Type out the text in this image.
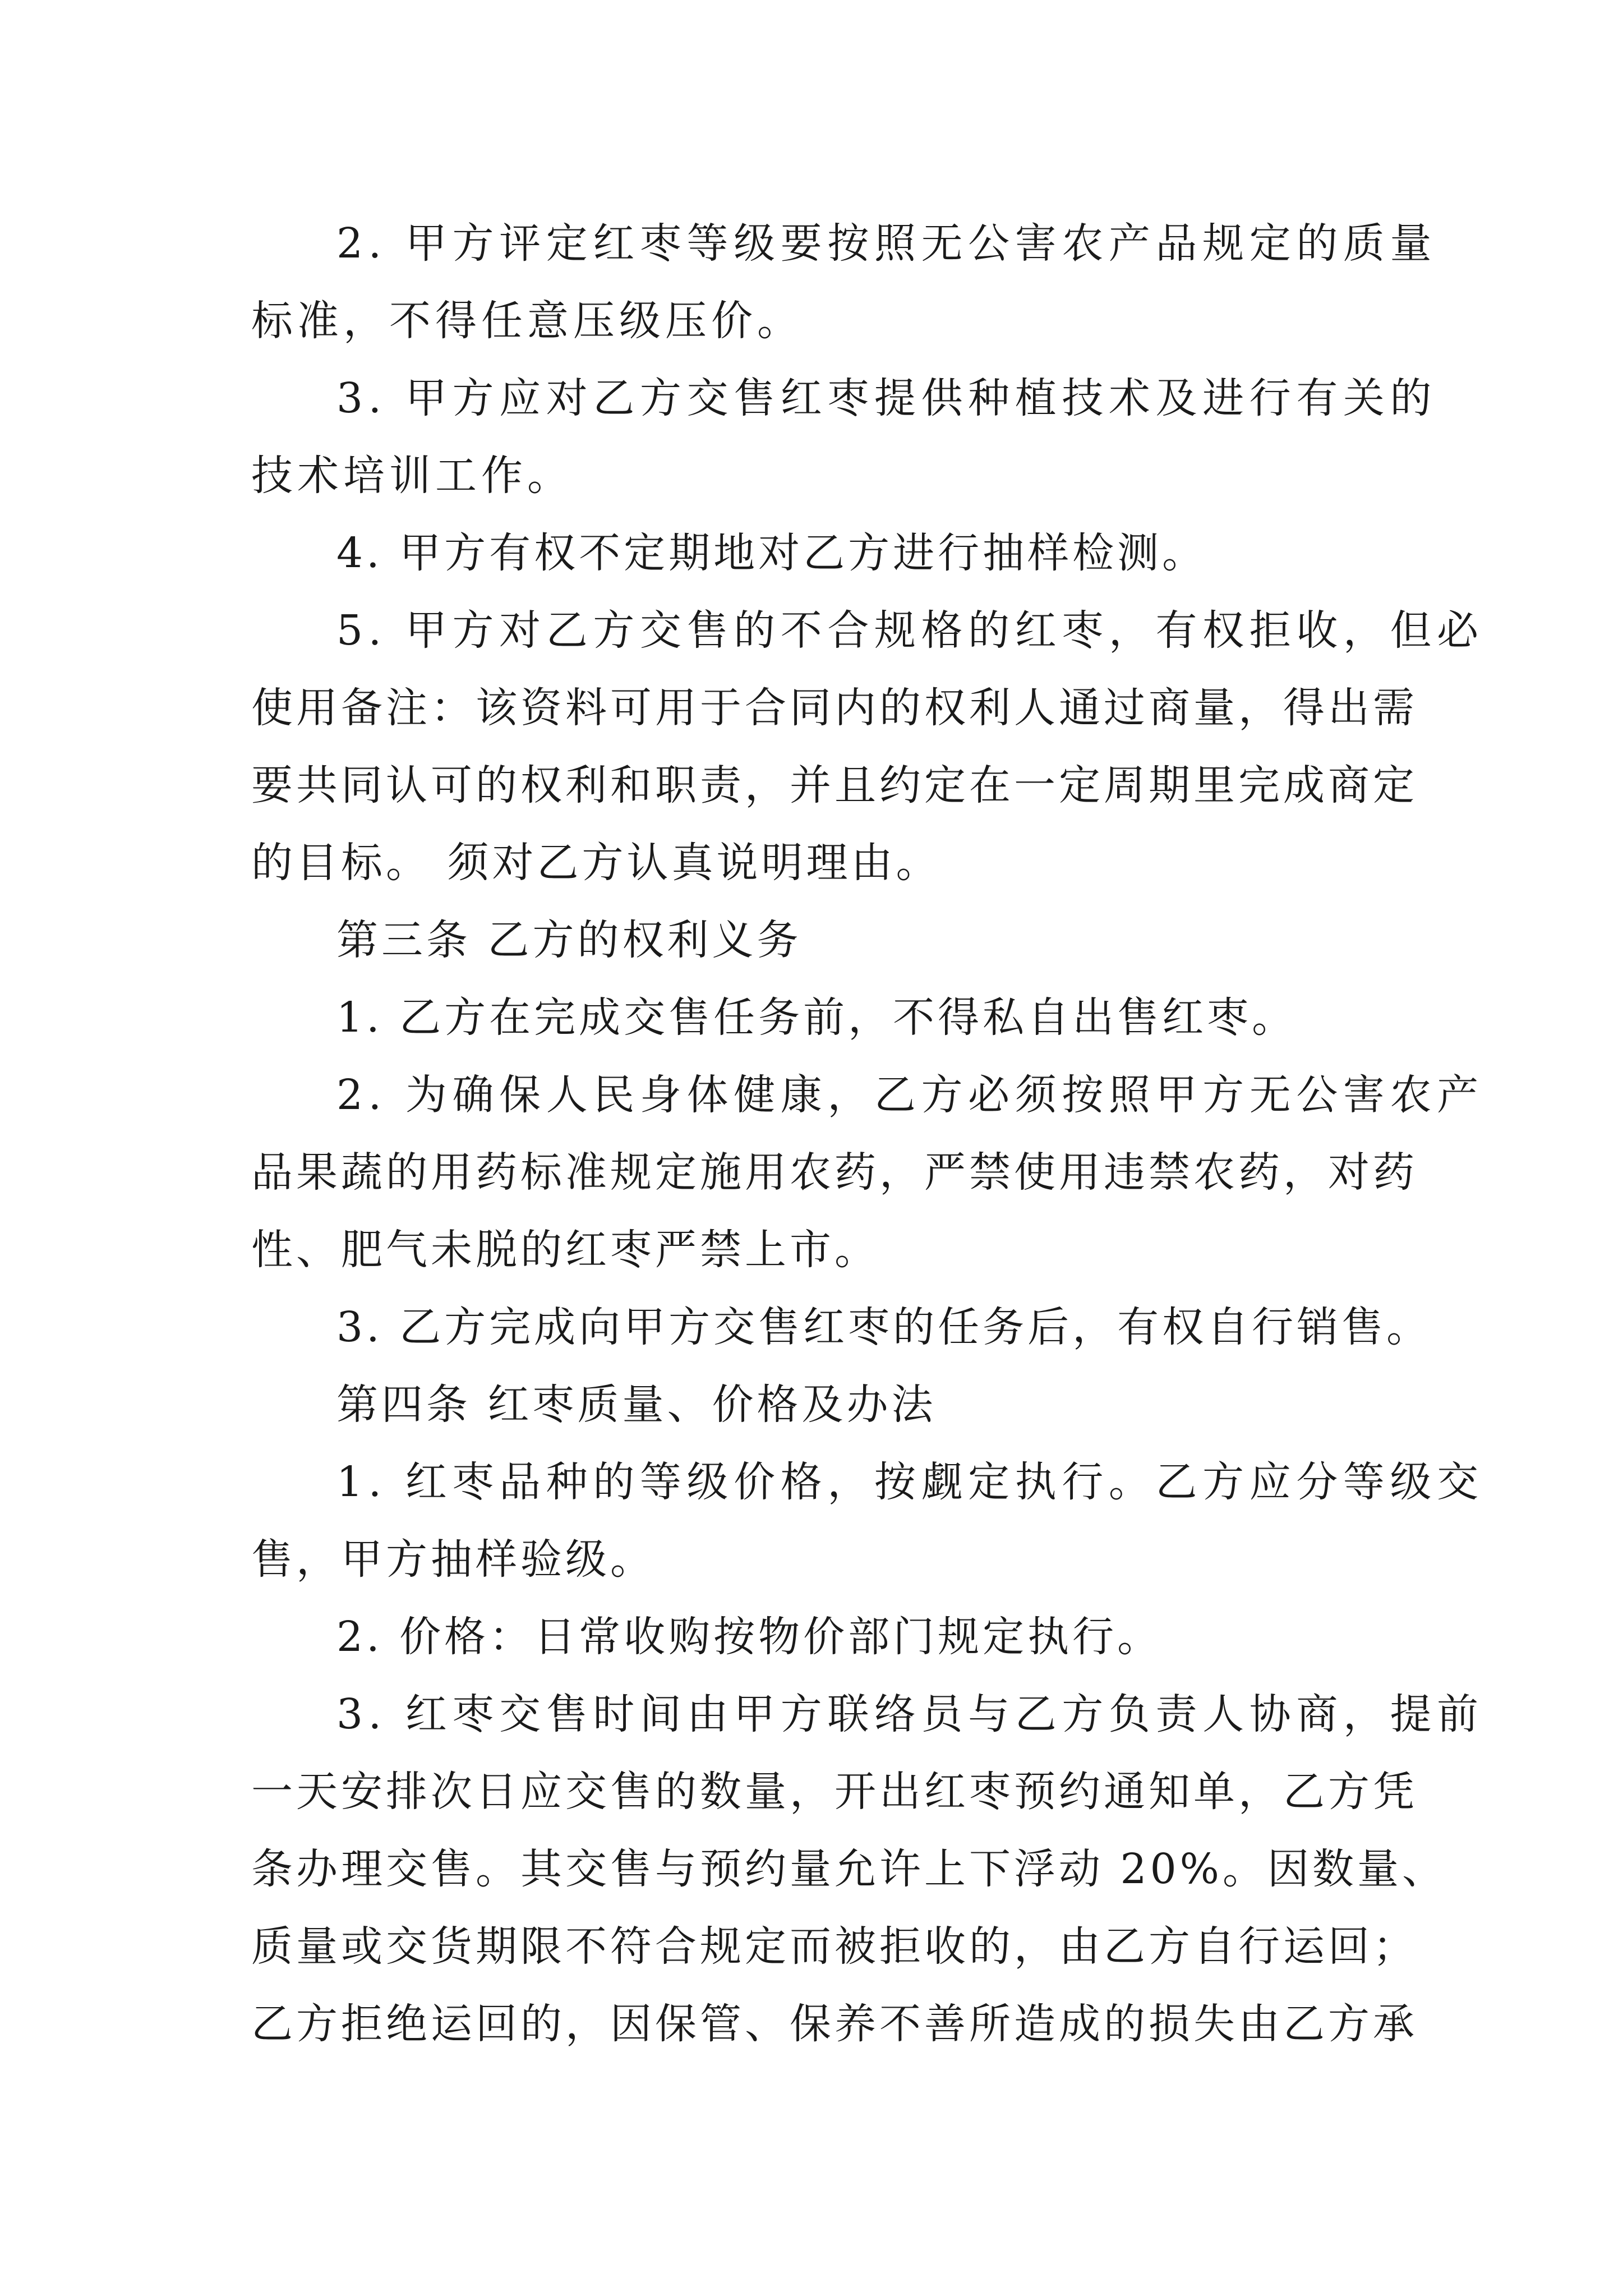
2. 甲方评定红枣等级要按照无公害农产品规定的质量
标准，不得任意压级压价。
3. 甲方应对乙方交售红枣提供种植技术及进行有关的
技术培训工作。
4. 甲方有权不定期地对乙方进行抽样检测。
5. 甲方对乙方交售的不合规格的红枣，有权拒收，但必
使用备注：该资料可用于合同内的权利人通过商量，得出需
要共同认可的权利和职责，并且约定在一定周期里完成商定
的目标。 须对乙方认真说明理由。
第三条 乙方的权利义务
1. 乙方在完成交售任务前，不得私自出售红枣。
2. 为确保人民身体健康，乙方必须按照甲方无公害农产
品果蔬的用药标准规定施用农药，严禁使用违禁农药，对药
性、肥气未脱的红枣严禁上市。
3. 乙方完成向甲方交售红枣的任务后，有权自行销售。
第四条 红枣质量、价格及办法
1. 红枣品种的等级价格，按觑定执行。乙方应分等级交
售，甲方抽样验级。
2. 价格：日常收购按物价部门规定执行。
3. 红枣交售时间由甲方联络员与乙方负责人协商，提前
一天安排次日应交售的数量，开出红枣预约通知单，乙方凭
条办理交售。其交售与预约量允许上下浮动 20%。因数量、
质量或交货期限不符合规定而被拒收的，由乙方自行运回；
乙方拒绝运回的，因保管、保养不善所造成的损失由乙方承
